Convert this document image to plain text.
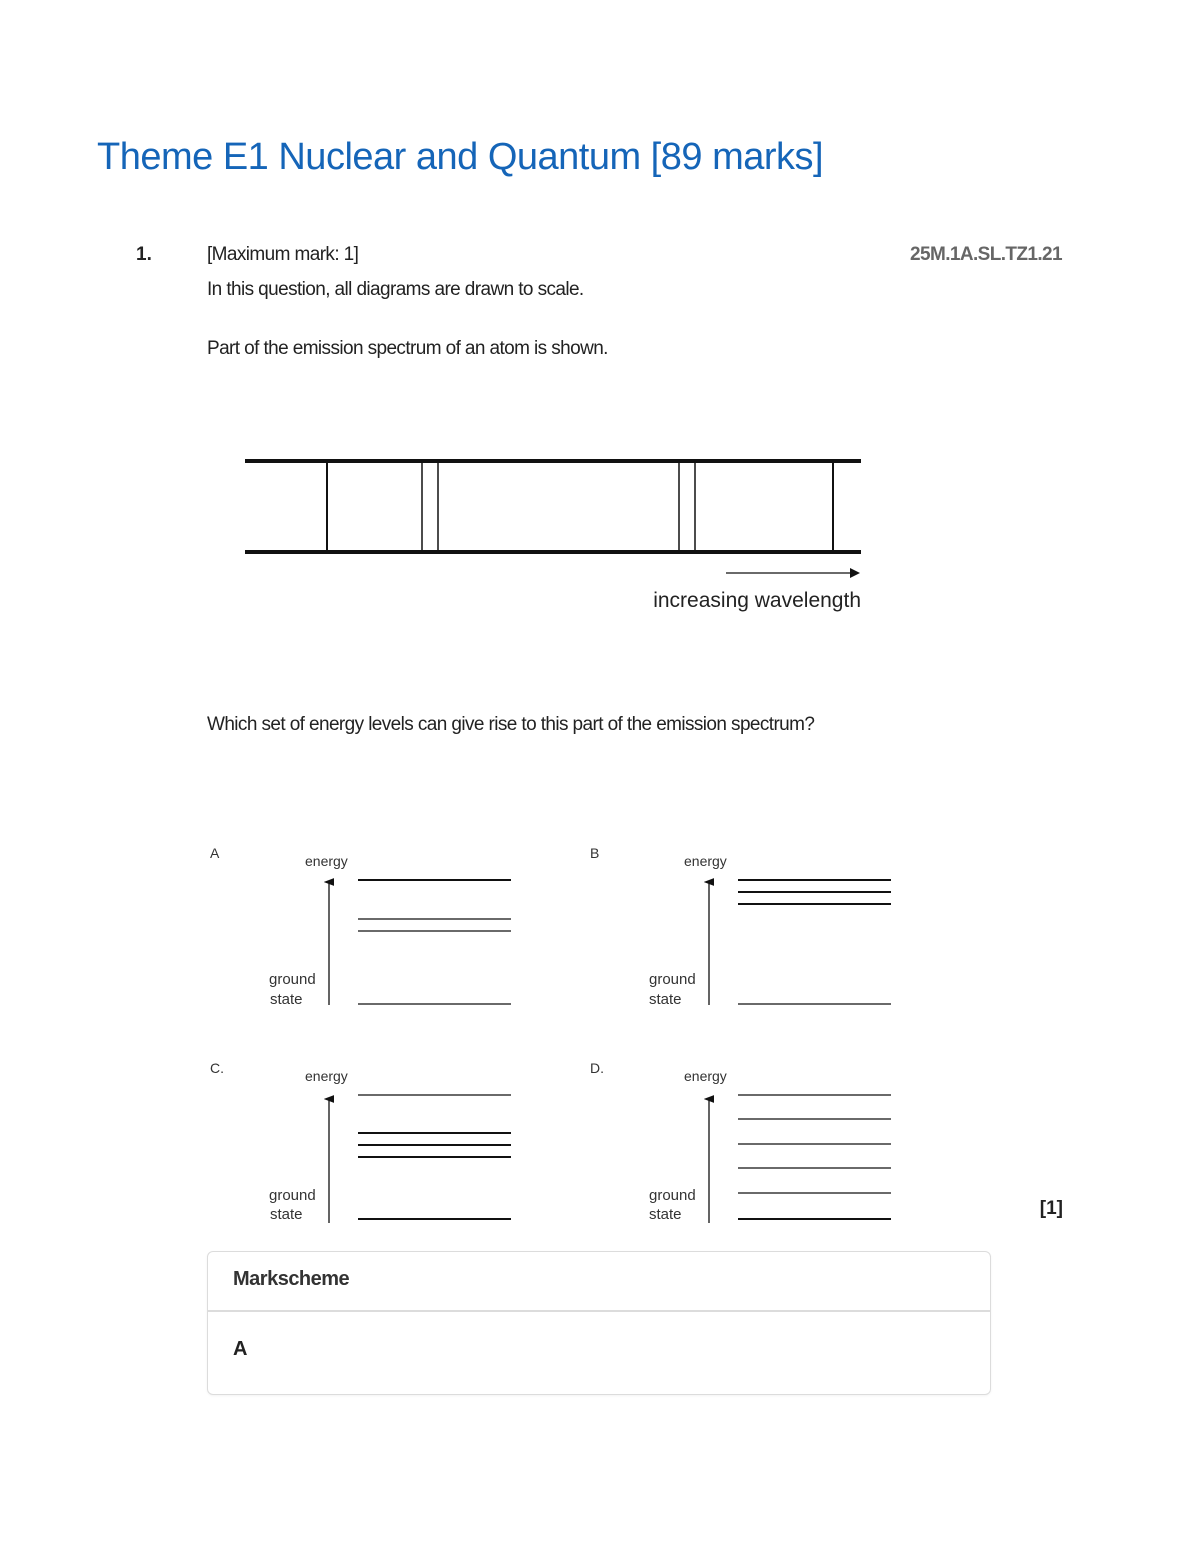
Theme E1 Nuclear and Quantum [89 marks]
1.	[Maximum mark: 1]	25M.1A.SL.TZ1.21
In this question, all diagrams are drawn to scale.
Part of the emission spectrum of an atom is shown.
increasing wavelength
Which set of energy levels can give rise to this part of the emission spectrum?
A	energy
ground
state
B	energy
ground
state
C.	energy
ground
state
D.	energy
ground
state	[1]
Markscheme
A
